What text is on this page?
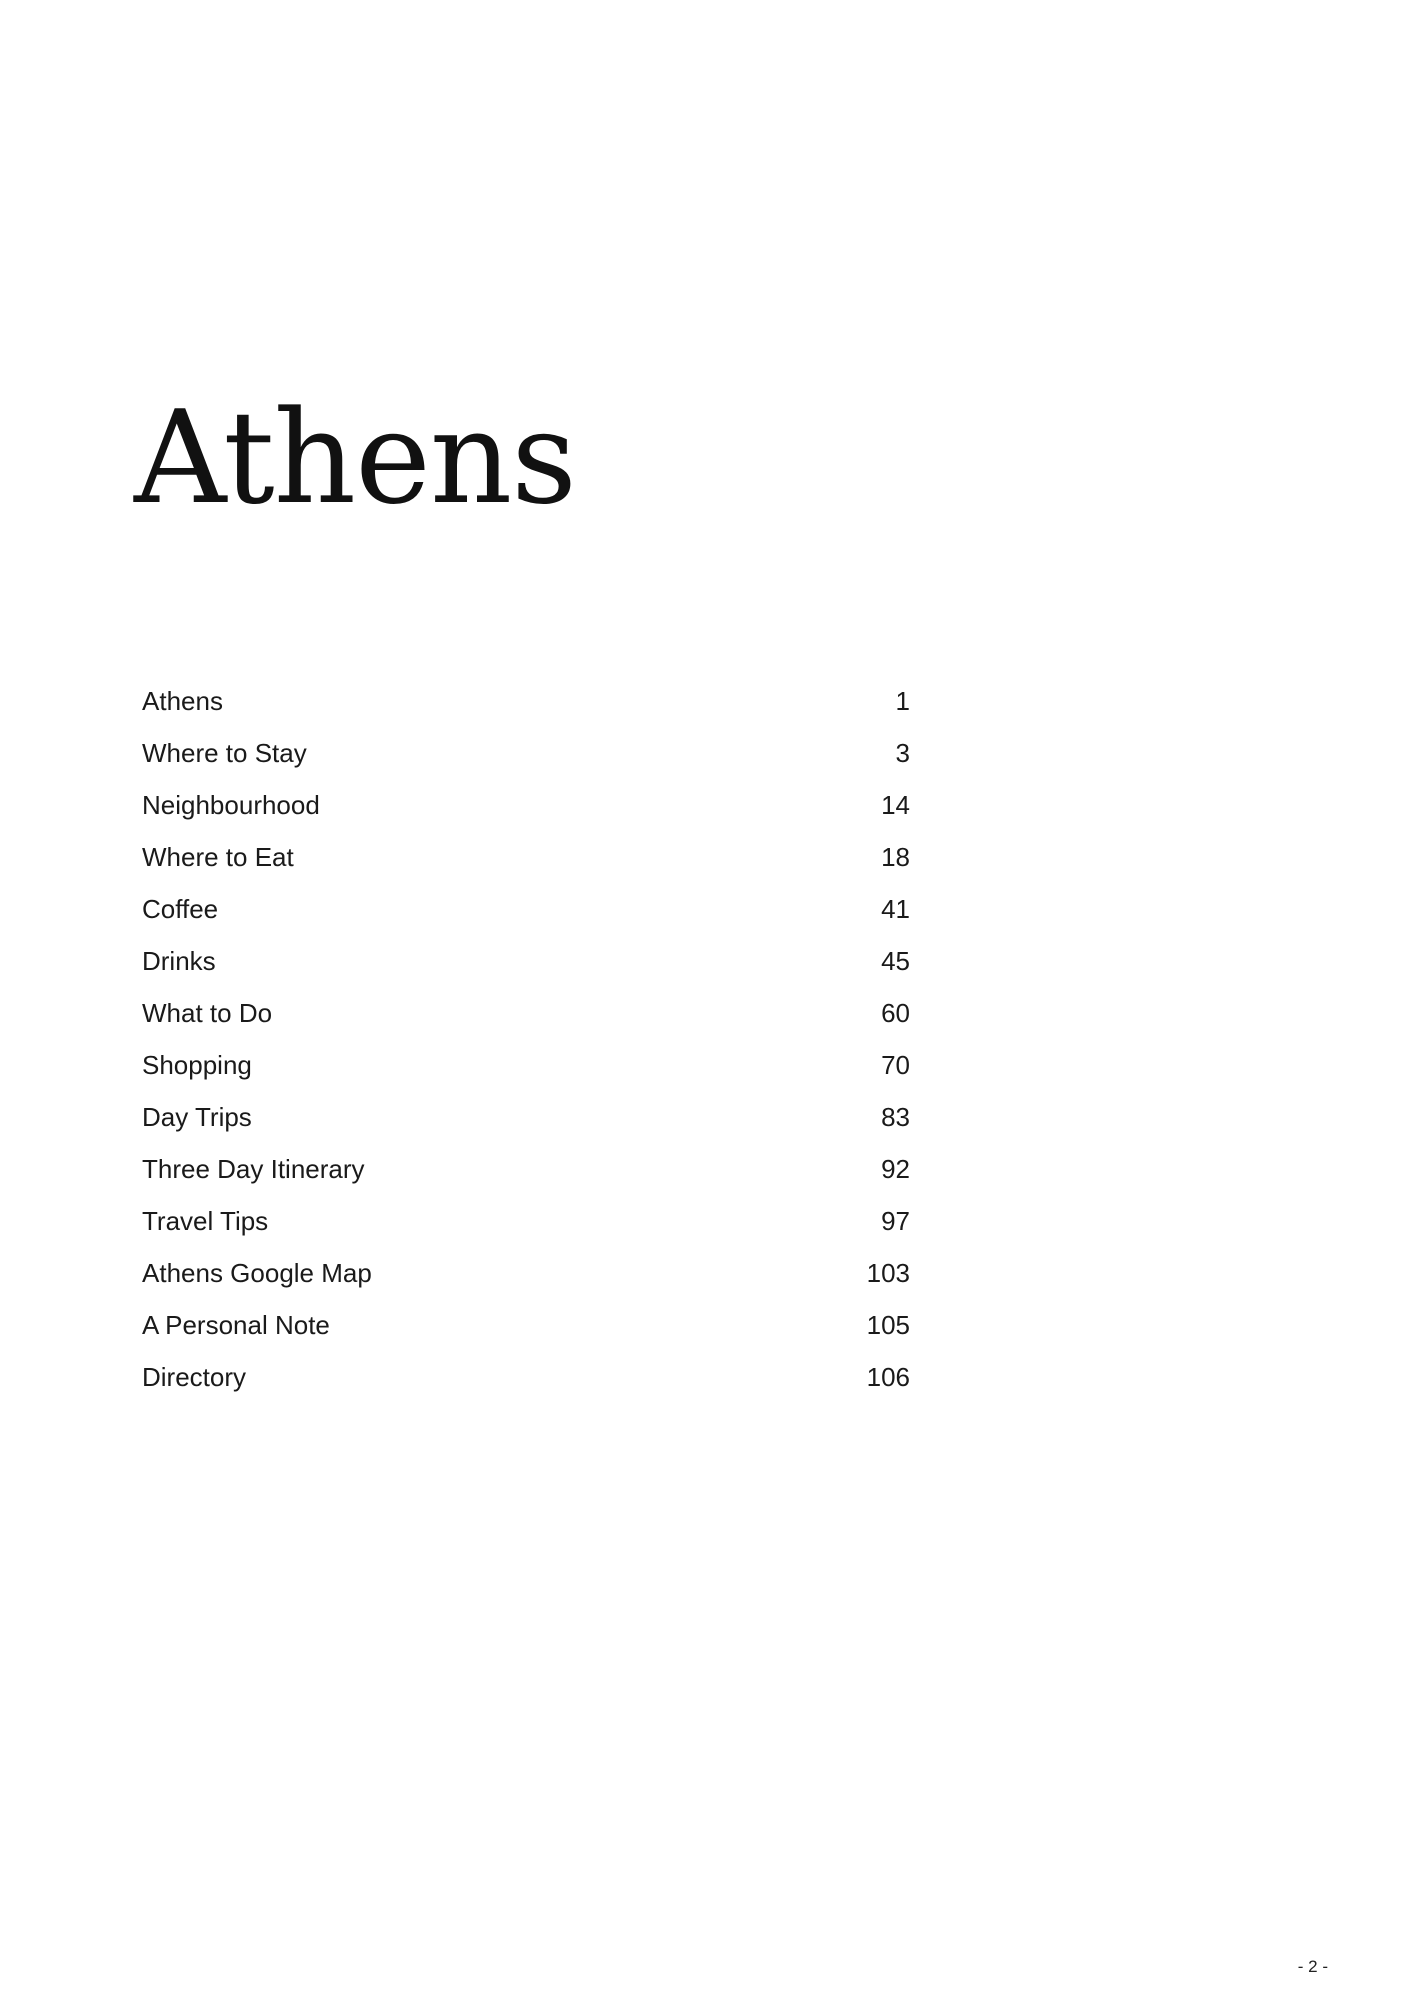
Athens
Athens	1
Where to Stay	3
Neighbourhood	14
Where to Eat	18
Coffee	41
Drinks	45
What to Do	60
Shopping	70
Day Trips	83
Three Day Itinerary	92
Travel Tips	97
Athens Google Map	103
A Personal Note	105
Directory	106
- 2 -
